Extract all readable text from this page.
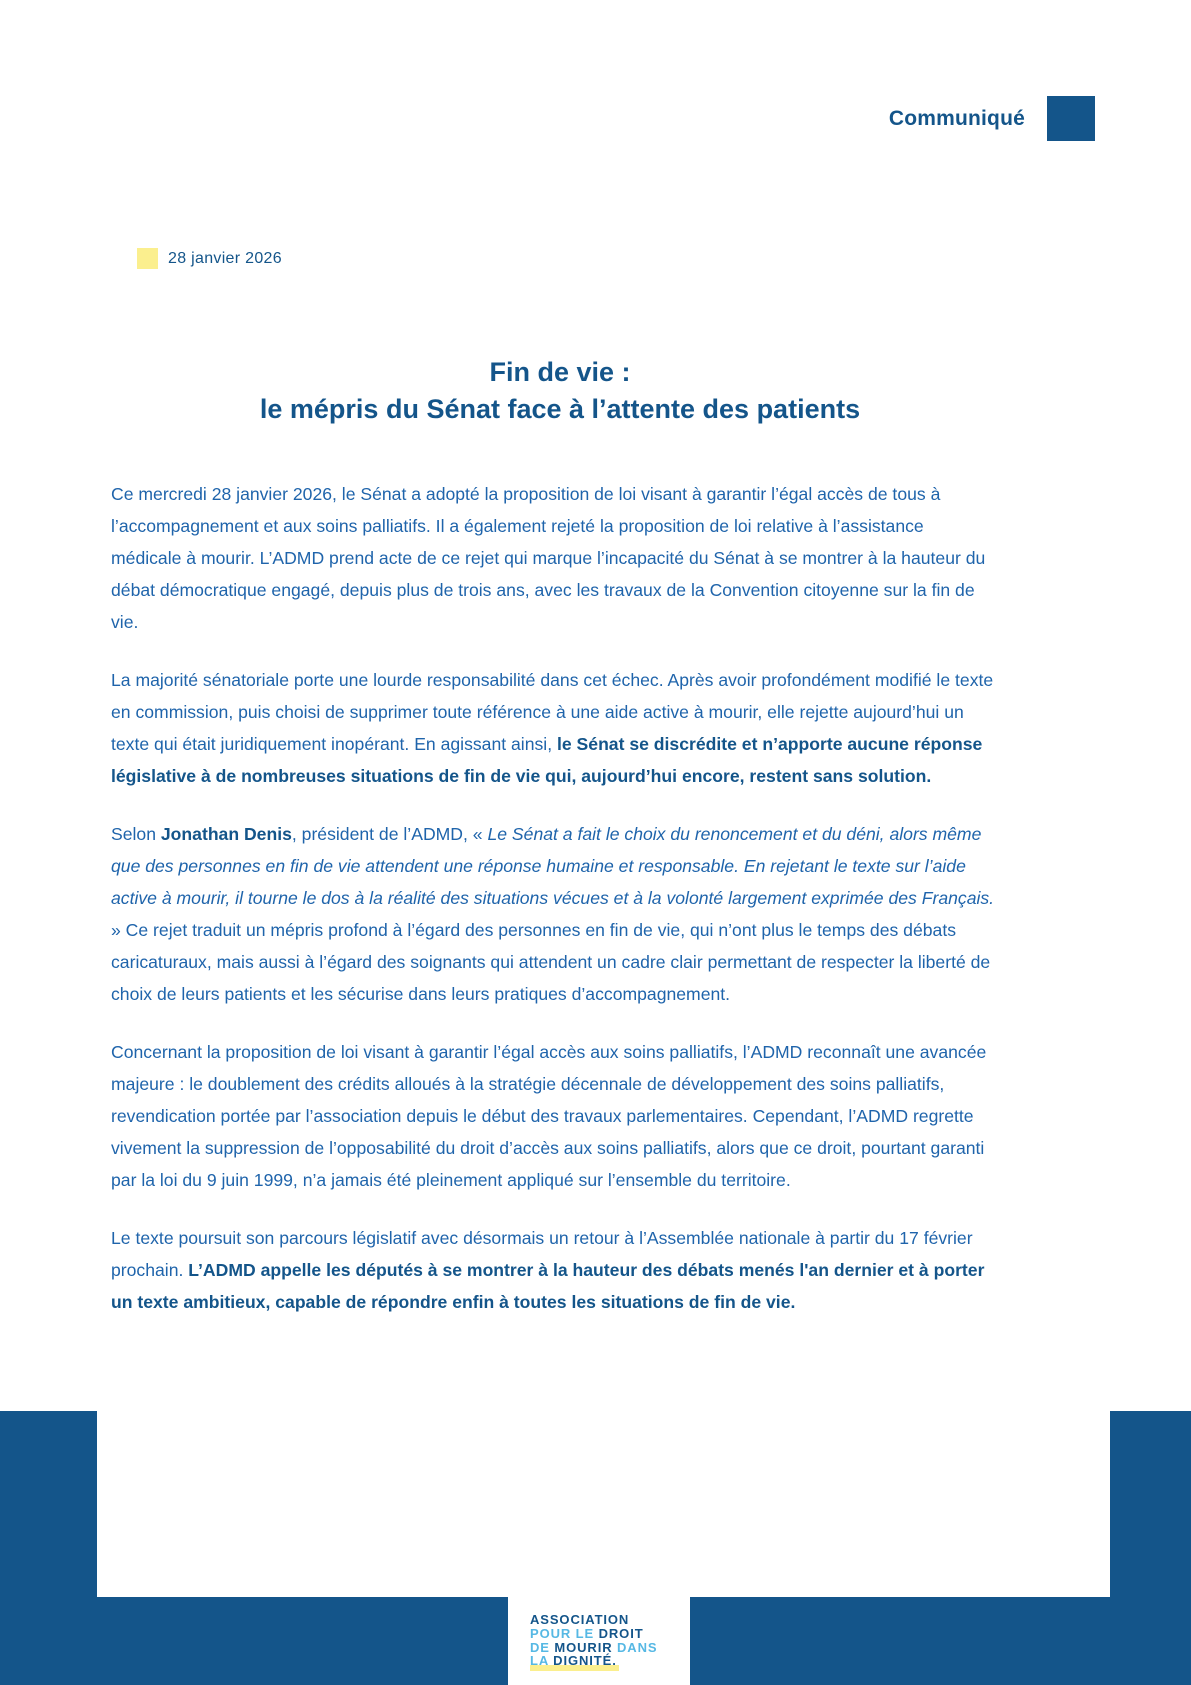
Communiqué
28 janvier 2026
Fin de vie :
le mépris du Sénat face à l’attente des patients

Ce mercredi 28 janvier 2026, le Sénat a adopté la proposition de loi visant à garantir l’égal accès de tous à l’accompagnement et aux soins palliatifs. Il a également rejeté la proposition de loi relative à l’assistance médicale à mourir. L’ADMD prend acte de ce rejet qui marque l’incapacité du Sénat à se montrer à la hauteur du débat démocratique engagé, depuis plus de trois ans, avec les travaux de la Convention citoyenne sur la fin de vie.

La majorité sénatoriale porte une lourde responsabilité dans cet échec. Après avoir profondément modifié le texte en commission, puis choisi de supprimer toute référence à une aide active à mourir, elle rejette aujourd’hui un texte qui était juridiquement inopérant. En agissant ainsi, le Sénat se discrédite et n’apporte aucune réponse législative à de nombreuses situations de fin de vie qui, aujourd’hui encore, restent sans solution.

Selon Jonathan Denis, président de l’ADMD, « Le Sénat a fait le choix du renoncement et du déni, alors même que des personnes en fin de vie attendent une réponse humaine et responsable. En rejetant le texte sur l’aide active à mourir, il tourne le dos à la réalité des situations vécues et à la volonté largement exprimée des Français. » Ce rejet traduit un mépris profond à l’égard des personnes en fin de vie, qui n’ont plus le temps des débats caricaturaux, mais aussi à l’égard des soignants qui attendent un cadre clair permettant de respecter la liberté de choix de leurs patients et les sécurise dans leurs pratiques d’accompagnement.

Concernant la proposition de loi visant à garantir l’égal accès aux soins palliatifs, l’ADMD reconnaît une avancée majeure : le doublement des crédits alloués à la stratégie décennale de développement des soins palliatifs, revendication portée par l’association depuis le début des travaux parlementaires. Cependant, l’ADMD regrette vivement la suppression de l’opposabilité du droit d’accès aux soins palliatifs, alors que ce droit, pourtant garanti par la loi du 9 juin 1999, n’a jamais été pleinement appliqué sur l’ensemble du territoire.

Le texte poursuit son parcours législatif avec désormais un retour à l’Assemblée nationale à partir du 17 février prochain. L’ADMD appelle les députés à se montrer à la hauteur des débats menés l'an dernier et à porter un texte ambitieux, capable de répondre enfin à toutes les situations de fin de vie.

ASSOCIATION
POUR LE DROIT
DE MOURIR DANS
LA DIGNITÉ.
